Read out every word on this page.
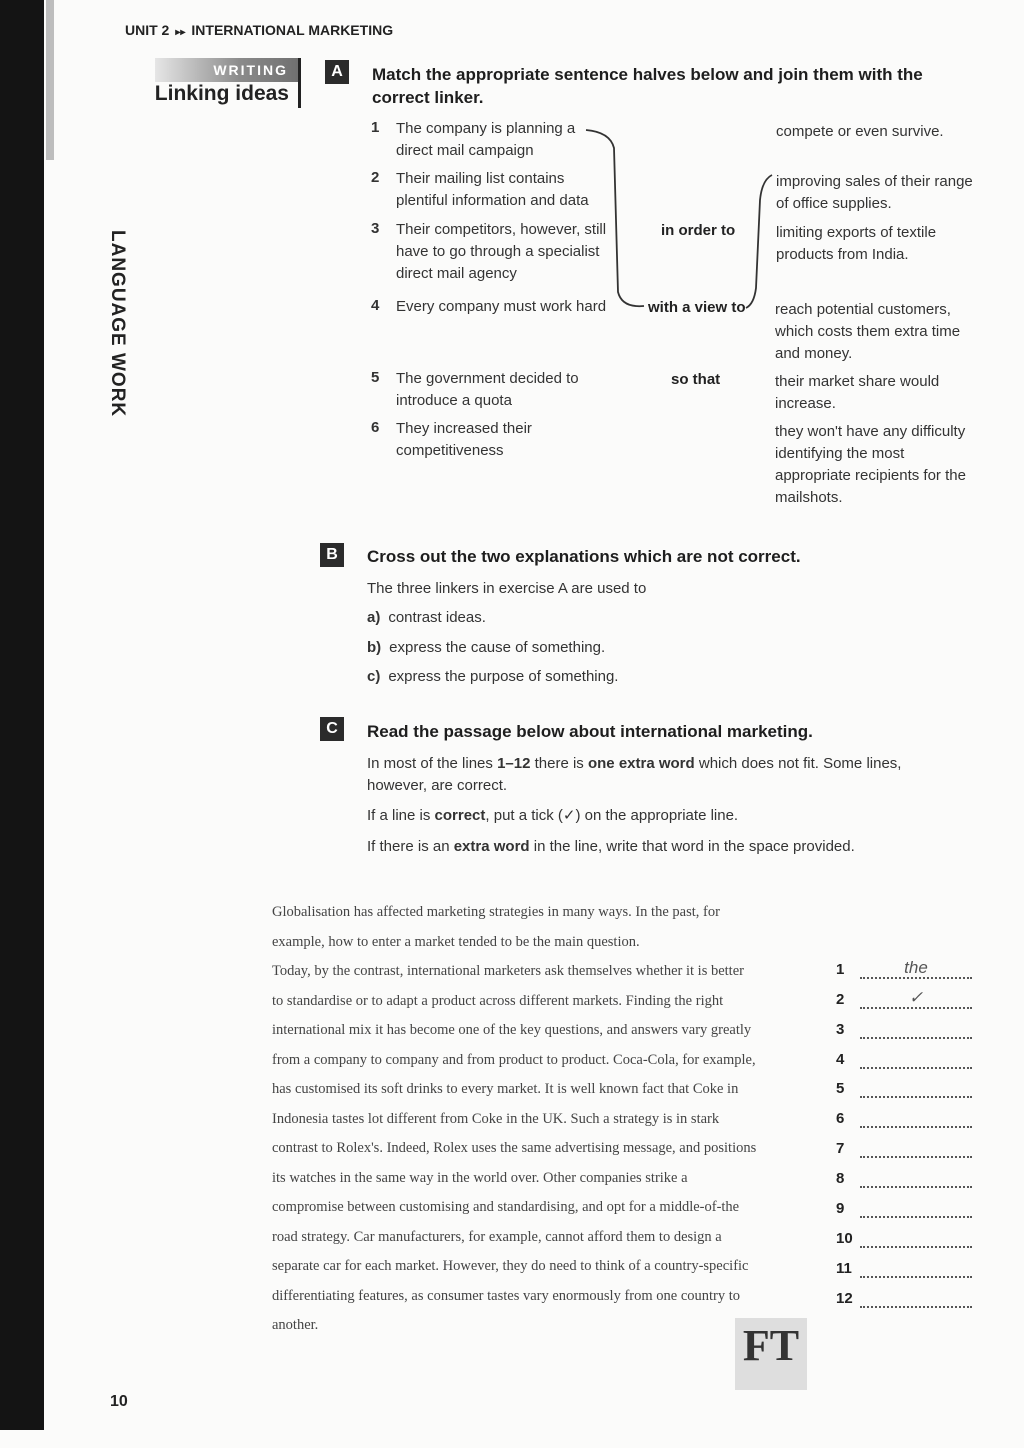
LANGUAGE WORK
UNIT 2 ▸▸ INTERNATIONAL MARKETING
WRITING
Linking ideas
A	Match the appropriate sentence halves below and join them with the
correct linker.
1 The company is planning a
direct mail campaign
2 Their mailing list contains
plentiful information and data
3 Their competitors, however, still
have to go through a specialist
direct mail agency
4 Every company must work hard
5 The government decided to
introduce a quota
6 They increased their
competitiveness
in order to
with a view to
so that
compete or even survive.
improving sales of their range
of office supplies.
limiting exports of textile
products from India.
reach potential customers,
which costs them extra time
and money.
their market share would
increase.
they won't have any difficulty
identifying the most
appropriate recipients for the
mailshots.
B	Cross out the two explanations which are not correct.
The three linkers in exercise A are used to
a) contrast ideas.
b) express the cause of something.
c) express the purpose of something.
C	Read the passage below about international marketing.
In most of the lines 1–12 there is one extra word which does not fit. Some lines,
however, are correct.
If a line is correct, put a tick (✓) on the appropriate line.
If there is an extra word in the line, write that word in the space provided.
Globalisation has affected marketing strategies in many ways. In the past, for
example, how to enter a market tended to be the main question.
Today, by the contrast, international marketers ask themselves whether it is better
to standardise or to adapt a product across different markets. Finding the right
international mix it has become one of the key questions, and answers vary greatly
from a company to company and from product to product. Coca-Cola, for example,
has customised its soft drinks to every market. It is well known fact that Coke in
Indonesia tastes lot different from Coke in the UK. Such a strategy is in stark
contrast to Rolex's. Indeed, Rolex uses the same advertising message, and positions
its watches in the same way in the world over. Other companies strike a
compromise between customising and standardising, and opt for a middle-of-the
road strategy. Car manufacturers, for example, cannot afford them to design a
separate car for each market. However, they do need to think of a country-specific
differentiating features, as consumer tastes vary enormously from one country to
another.
1	the
2	✓
3
4
5
6
7
8
9
10
11
12
FT
10
